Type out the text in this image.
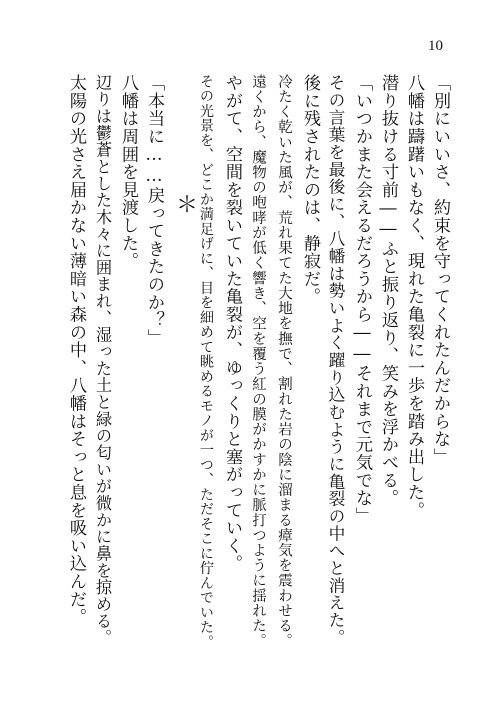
10
「別にいいさ、約束を守ってくれたんだからな」
八幡は躊躇いもなく、現れた亀裂に一歩を踏み出した。
潜り抜ける寸前――ふと振り返り、笑みを浮かべる。
「いつかまた会えるだろうから――それまで元気でな」
その言葉を最後に、八幡は勢いよく躍り込むように亀裂の中へと消えた。
後に残されたのは、静寂だ。
冷たく乾いた風が、荒れ果てた大地を撫で、割れた岩の陰に溜まる瘴気を震わせる。
遠くから、魔物の咆哮が低く響き、空を覆う紅の膜がかすかに脈打つように揺れた。
やがて、空間を裂いていた亀裂が、ゆっくりと塞がっていく。
＊
「本当に……戻ってきたのか？」
八幡は周囲を見渡した。
辺りは鬱蒼とした木々に囲まれ、湿った土と緑の匂いが微かに鼻を掠める。
太陽の光さえ届かない薄暗い森の中、八幡はそっと息を吸い込んだ。	その光景を、どこか満足げに、目を細めて眺めるモノが一つ、ただそこに佇んでいた。
